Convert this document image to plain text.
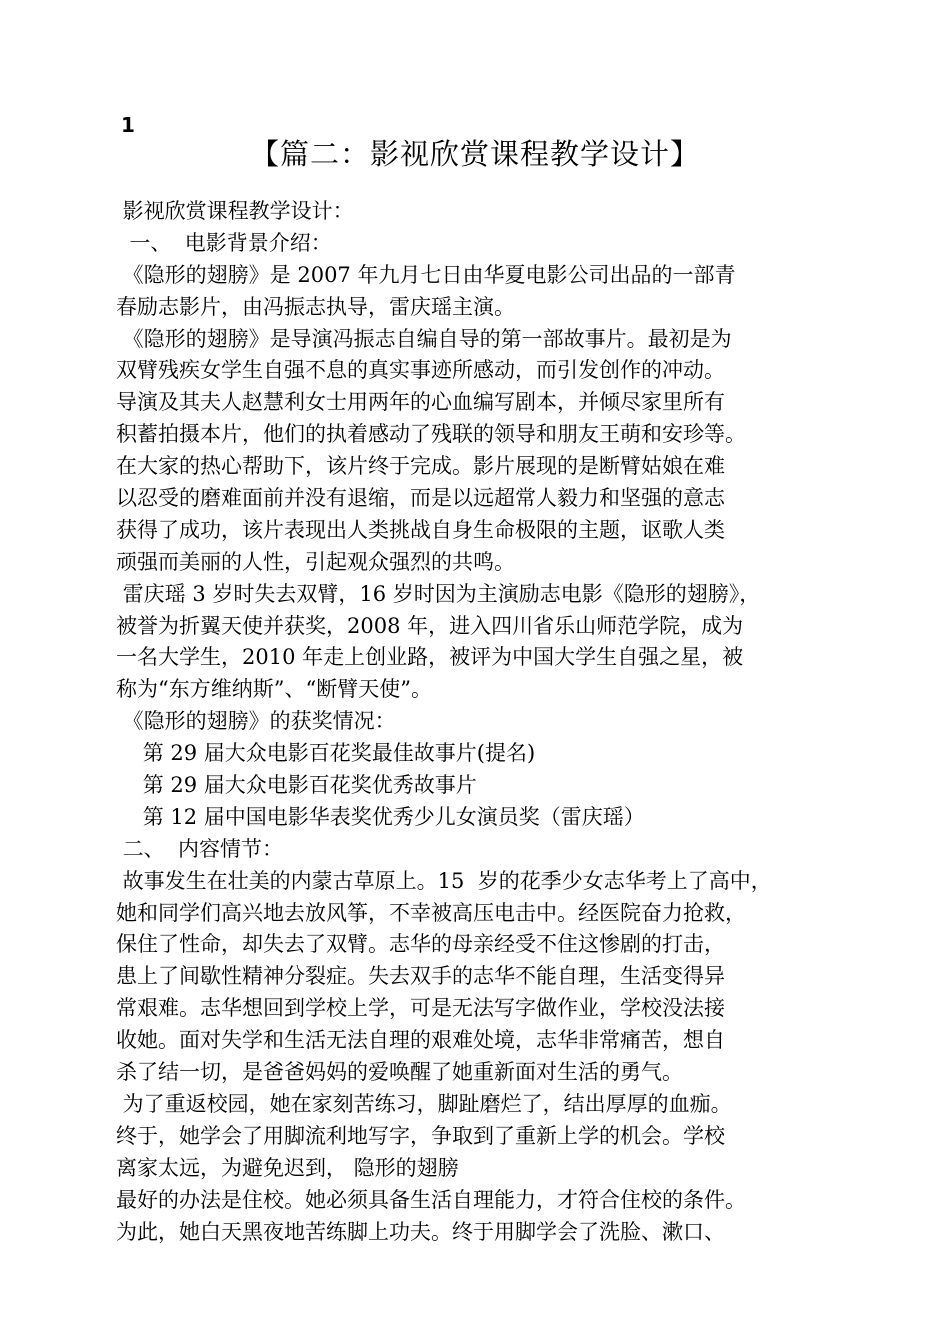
1
【篇二：影视欣赏课程教学设计】
影视欣赏课程教学设计：
一、  电影背景介绍：
《隐形的翅膀》是 2007 年九月七日由华夏电影公司出品的一部青
春励志影片，由冯振志执导，雷庆瑶主演。
《隐形的翅膀》是导演冯振志自编自导的第一部故事片。最初是为
双臂残疾女学生自强不息的真实事迹所感动，而引发创作的冲动。
导演及其夫人赵慧利女士用两年的心血编写剧本，并倾尽家里所有
积蓄拍摄本片，他们的执着感动了残联的领导和朋友王萌和安珍等。
在大家的热心帮助下，该片终于完成。影片展现的是断臂姑娘在难
以忍受的磨难面前并没有退缩，而是以远超常人毅力和坚强的意志
获得了成功，该片表现出人类挑战自身生命极限的主题，讴歌人类
顽强而美丽的人性，引起观众强烈的共鸣。
雷庆瑶 3 岁时失去双臂，16 岁时因为主演励志电影《隐形的翅膀》，
被誉为折翼天使并获奖，2008 年，进入四川省乐山师范学院，成为
一名大学生，2010 年走上创业路，被评为中国大学生自强之星，被
称为“东方维纳斯”、“断臂天使”。
《隐形的翅膀》的获奖情况：
第 29 届大众电影百花奖最佳故事片(提名)
第 29 届大众电影百花奖优秀故事片
第 12 届中国电影华表奖优秀少儿女演员奖（雷庆瑶）
二、  内容情节：
故事发生在壮美的内蒙古草原上。15  岁的花季少女志华考上了高中，
她和同学们高兴地去放风筝，不幸被高压电击中。经医院奋力抢救，
保住了性命，却失去了双臂。志华的母亲经受不住这惨剧的打击，
患上了间歇性精神分裂症。失去双手的志华不能自理，生活变得异
常艰难。志华想回到学校上学，可是无法写字做作业，学校没法接
收她。面对失学和生活无法自理的艰难处境，志华非常痛苦，想自
杀了结一切，是爸爸妈妈的爱唤醒了她重新面对生活的勇气。
为了重返校园，她在家刻苦练习，脚趾磨烂了，结出厚厚的血痂。
终于，她学会了用脚流利地写字，争取到了重新上学的机会。学校
离家太远，为避免迟到， 隐形的翅膀
最好的办法是住校。她必须具备生活自理能力，才符合住校的条件。
为此，她白天黑夜地苦练脚上功夫。终于用脚学会了洗脸、漱口、
